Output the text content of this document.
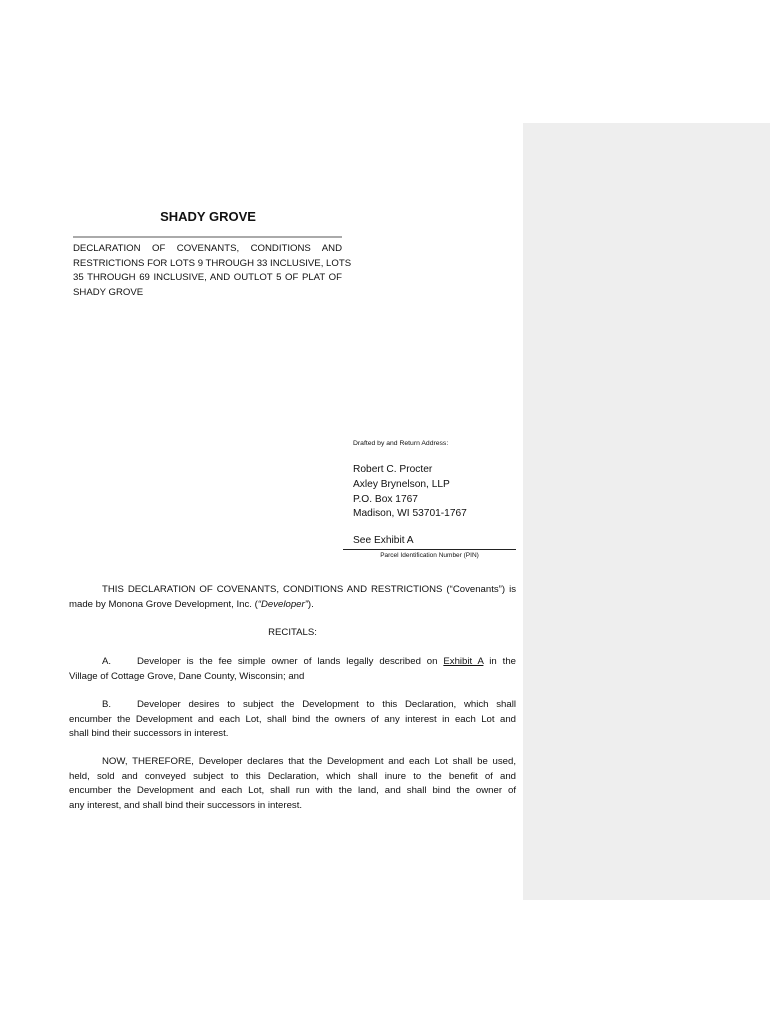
SHADY GROVE
DECLARATION OF COVENANTS, CONDITIONS AND
RESTRICTIONS FOR LOTS 9 THROUGH 33 INCLUSIVE, LOTS
35 THROUGH 69 INCLUSIVE, AND OUTLOT 5 OF PLAT OF
SHADY GROVE
Drafted by and Return Address:
Robert C. Procter
Axley Brynelson, LLP
P.O. Box 1767
Madison, WI 53701-1767
See Exhibit A
Parcel Identification Number (PIN)
THIS DECLARATION OF COVENANTS, CONDITIONS AND RESTRICTIONS (“Covenants”) is
made by Monona Grove Development, Inc. (“Developer”).
RECITALS:
A.	Developer is the fee simple owner of lands legally described on Exhibit A in the
Village of Cottage Grove, Dane County, Wisconsin; and
B.	Developer desires to subject the Development to this Declaration, which shall
encumber the Development and each Lot, shall bind the owners of any interest in each Lot and
shall bind their successors in interest.
NOW, THEREFORE, Developer declares that the Development and each Lot shall be used,
held, sold and conveyed subject to this Declaration, which shall inure to the benefit of and
encumber the Development and each Lot, shall run with the land, and shall bind the owner of
any interest, and shall bind their successors in interest.
